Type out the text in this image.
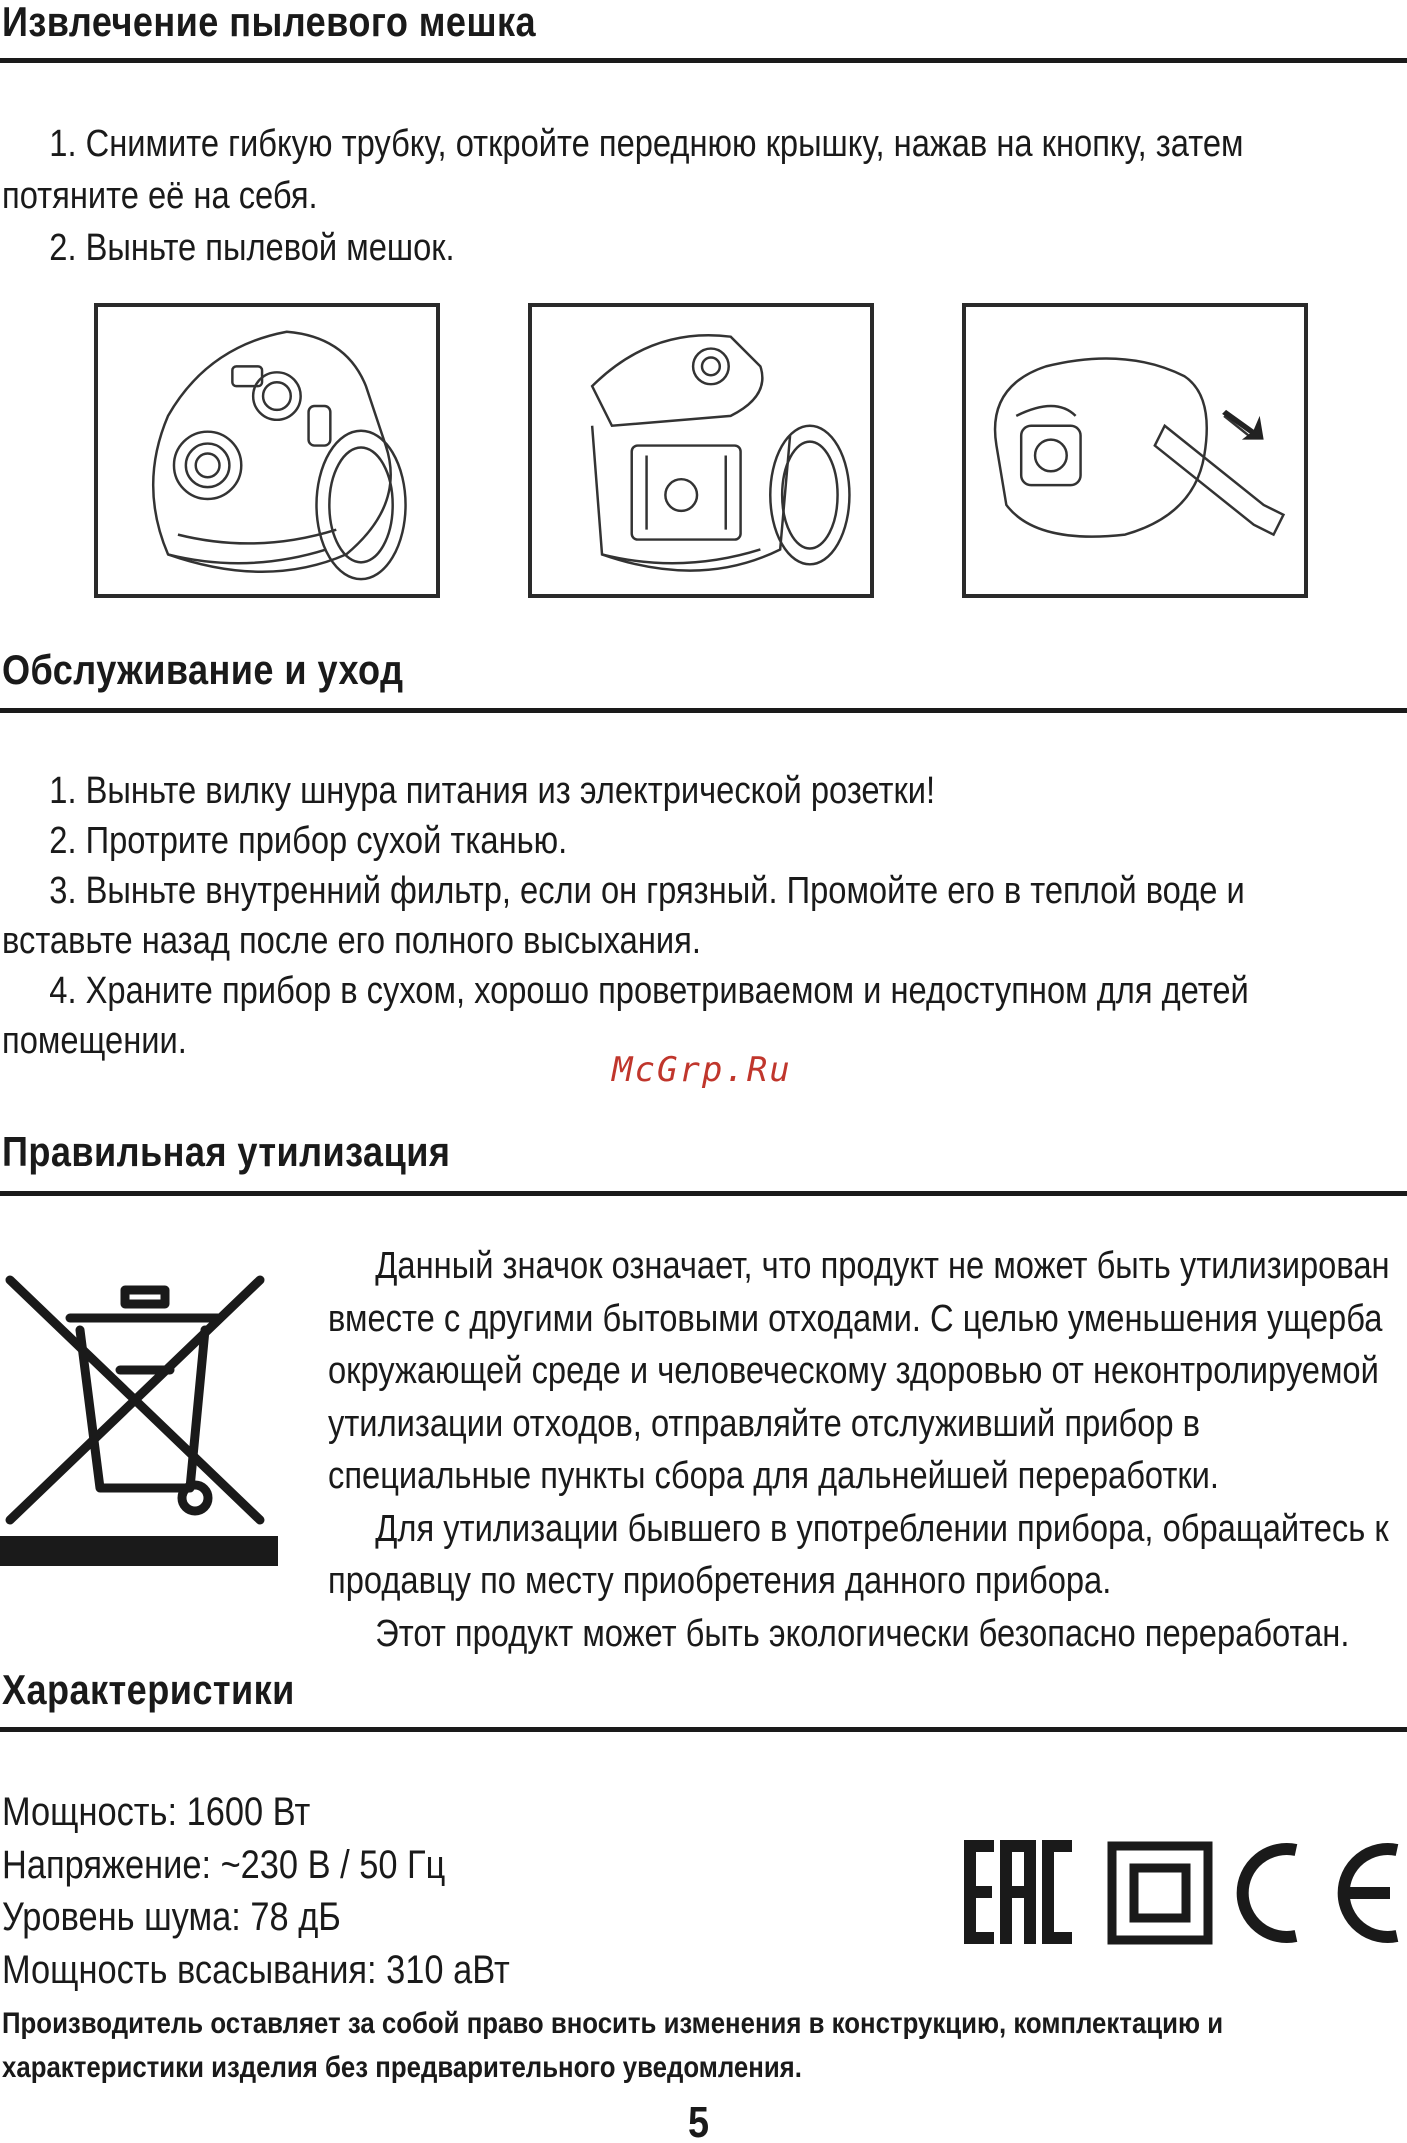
Извлечение пылевого мешка

1. Снимите гибкую трубку, откройте переднюю крышку, нажав на кнопку, затем потяните её на себя.

2. Выньте пылевой мешок.

Обслуживание и уход

1. Выньте вилку шнура питания из электрической розетки!

2. Протрите прибор сухой тканью.

3. Выньте внутренний фильтр, если он грязный. Промойте его в теплой воде и вставьте назад после его полного высыхания.

4. Храните прибор в сухом, хорошо проветриваемом и недоступном для детей помещении.

McGrp.Ru
Правильная утилизация

Данный значок означает, что продукт не может быть утилизирован вместе с другими бытовыми отходами. С целью уменьшения ущерба окружающей среде и человеческому здоровью от неконтролируемой утилизации отходов, отправляйте отслуживший прибор в специальные пункты сбора для дальнейшей переработки.

Для утилизации бывшего в употреблении прибора, обращайтесь к продавцу по месту приобретения данного прибора.

Этот продукт может быть экологически безопасно переработан.

Характеристики
Мощность: 1600 Вт
Напряжение: ~230 В / 50 Гц
Уровень шума: 78 дБ
Мощность всасывания: 310 аВт
Производитель оставляет за собой право вносить изменения в конструкцию, комплектацию и характеристики изделия без предварительного уведомления.
5
